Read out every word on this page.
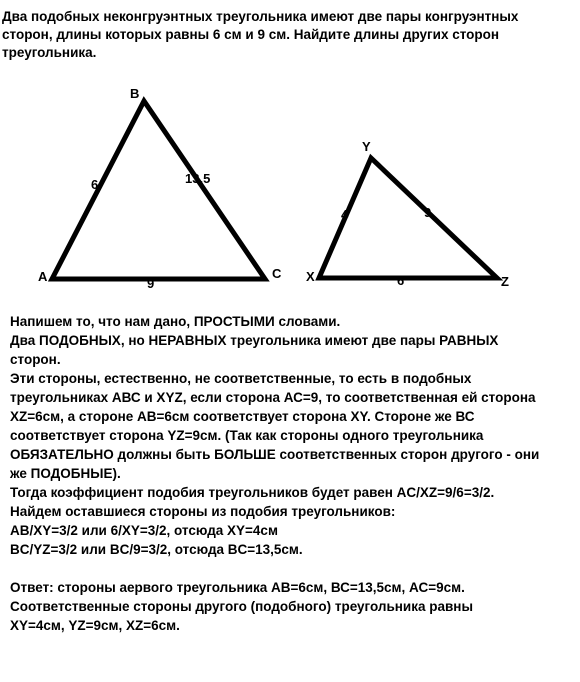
Два подобных неконгруэнтных треугольника имеют две пары конгруэнтных
сторон, длины которых равны 6 см и 9 см. Найдите длины других сторон
треугольника.
B
A	C
6	13,5
9
Y
X	Z
4	9
6
Напишем то, что нам дано, ПРОСТЫМИ словами.
Два ПОДОБНЫХ, но НЕРАВНЫХ треугольника имеют две пары РАВНЫХ
сторон.
Эти стороны, естественно, не соответственные, то есть в подобных
треугольниках АВС и XYZ, если сторона АС=9, то соответственная ей сторона
XZ=6см, а стороне АВ=6см соответствует сторона XY. Стороне же ВС
соответствует сторона YZ=9см. (Так как стороны одного треугольника
ОБЯЗАТЕЛЬНО должны быть БОЛЬШЕ соответственных сторон другого - они
же ПОДОБНЫЕ).
Тогда коэффициент подобия треугольников будет равен AC/XZ=9/6=3/2.
Найдем оставшиеся стороны из подобия треугольников:
AB/XY=3/2 или 6/XY=3/2, отсюда XY=4см
BC/YZ=3/2 или BC/9=3/2, отсюда BC=13,5см.
Ответ: стороны аервого треугольника АВ=6см, ВС=13,5см, АС=9см.
Соответственные стороны другого (подобного) треугольника равны
XY=4см, YZ=9см, XZ=6см.
